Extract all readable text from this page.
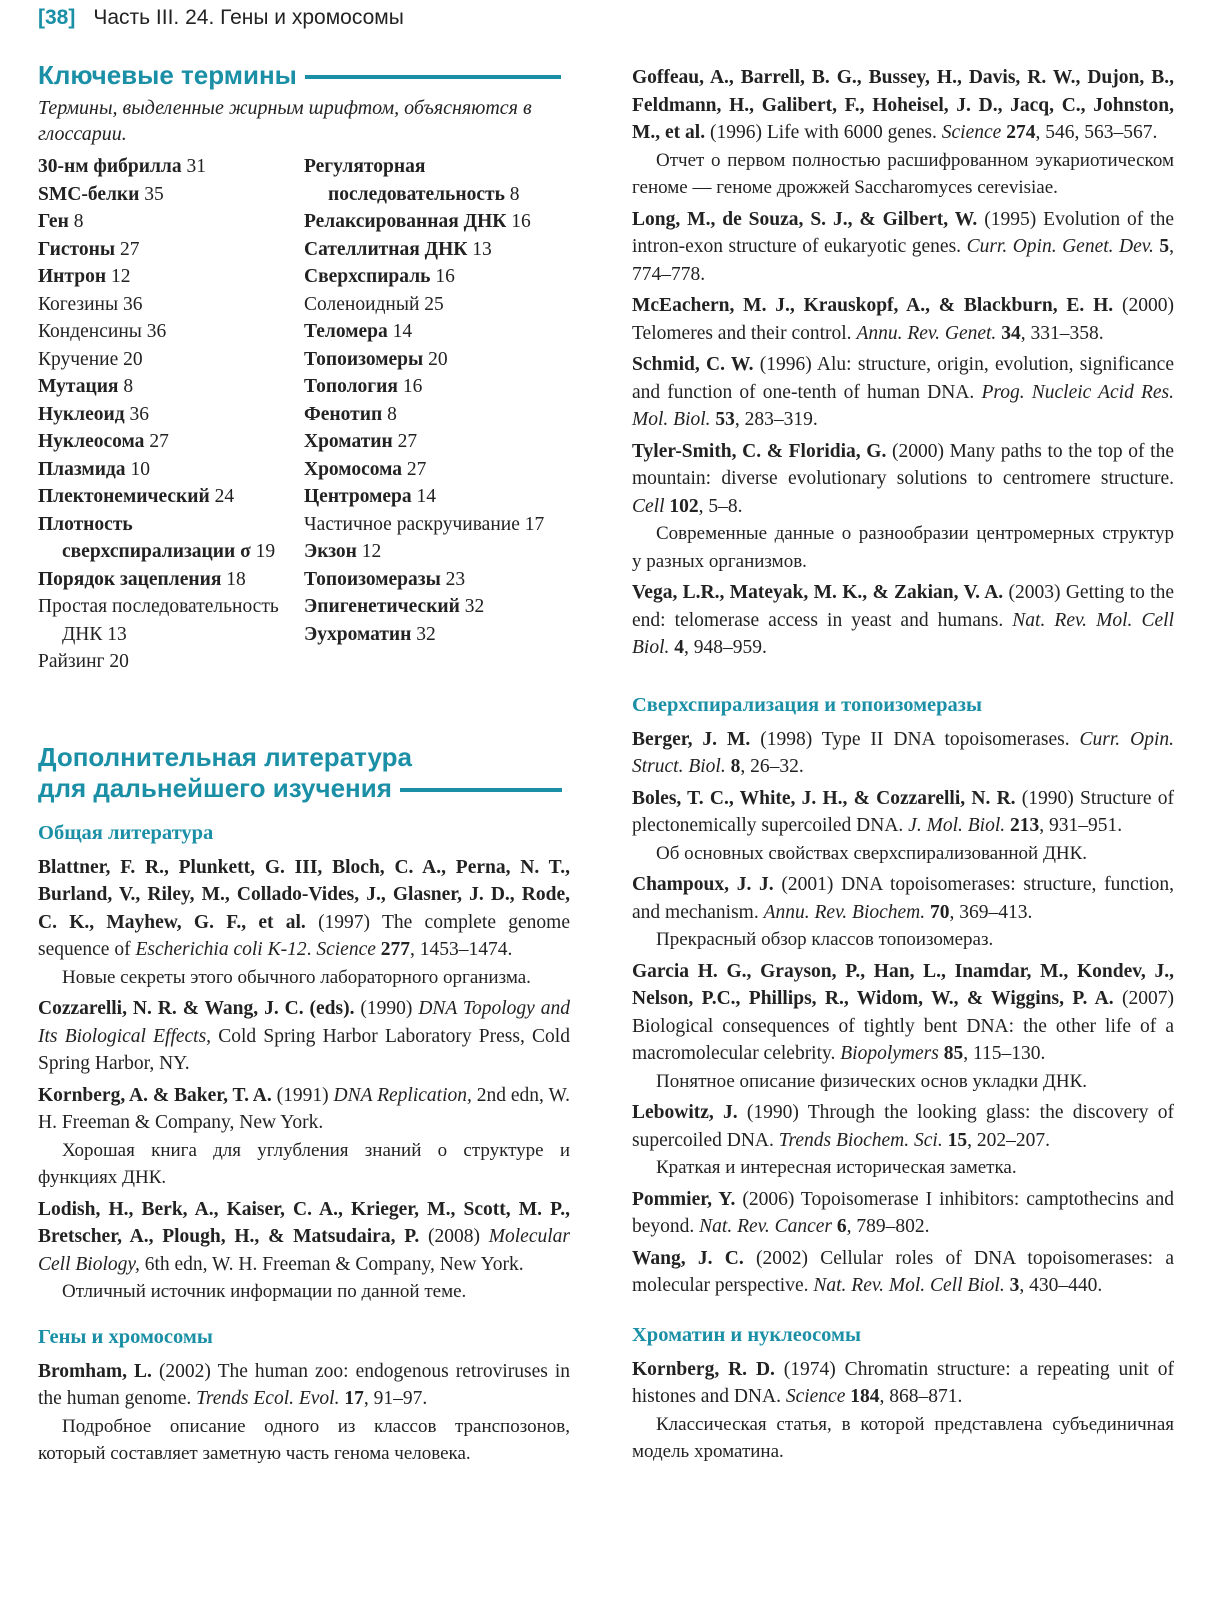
[38] Часть III. 24. Гены и хромосомы
Ключевые термины
Термины, выделенные жирным шрифтом, объясняются в глоссарии.
30-нм фибрилла 31
SMC-белки 35
Ген 8
Гистоны 27
Интрон 12
Когезины 36
Конденсины 36
Кручение 20
Мутация 8
Нуклеоид 36
Нуклеосома 27
Плазмида 10
Плектонемический 24
Плотность сверхспирализации σ 19
Порядок зацепления 18
Простая последовательность ДНК 13
Райзинг 20
Регуляторная последовательность 8
Релаксированная ДНК 16
Сателлитная ДНК 13
Сверхспираль 16
Соленоидный 25
Теломера 14
Топоизомеры 20
Топология 16
Фенотип 8
Хроматин 27
Хромосома 27
Центромера 14
Частичное раскручивание 17
Экзон 12
Топоизомеразы 23
Эпигенетический 32
Эухроматин 32
Дополнительная литература
для дальнейшего изучения
Общая литература
Blattner, F. R., Plunkett, G. III, Bloch, C. A., Perna, N. T., Burland, V., Riley, M., Collado-Vides, J., Glasner, J. D., Rode, C. K., Mayhew, G. F., et al. (1997) The complete genome sequence of Escherichia coli K-12. Science 277, 1453–1474.
Новые секреты этого обычного лабораторного организма.
Cozzarelli, N. R. & Wang, J. C. (eds). (1990) DNA Topology and Its Biological Effects, Cold Spring Harbor Laboratory Press, Cold Spring Harbor, NY.
Kornberg, A. & Baker, T. A. (1991) DNA Replication, 2nd edn, W. H. Freeman & Company, New York.
Хорошая книга для углубления знаний о структуре и функциях ДНК.
Lodish, H., Berk, A., Kaiser, C. A., Krieger, M., Scott, M. P., Bretscher, A., Plough, H., & Matsudaira, P. (2008) Molecular Cell Biology, 6th edn, W. H. Freeman & Company, New York.
Отличный источник информации по данной теме.
Гены и хромосомы
Bromham, L. (2002) The human zoo: endogenous retroviruses in the human genome. Trends Ecol. Evol. 17, 91–97.
Подробное описание одного из классов транспозонов, который составляет заметную часть генома человека.
Goffeau, A., Barrell, B. G., Bussey, H., Davis, R. W., Dujon, B., Feldmann, H., Galibert, F., Hoheisel, J. D., Jacq, C., Johnston, M., et al. (1996) Life with 6000 genes. Science 274, 546, 563–567.
Отчет о первом полностью расшифрованном эукариотическом геноме — геноме дрожжей Saccharomyces cerevisiae.
Long, M., de Souza, S. J., & Gilbert, W. (1995) Evolution of the intron-exon structure of eukaryotic genes. Curr. Opin. Genet. Dev. 5, 774–778.
McEachern, M. J., Krauskopf, A., & Blackburn, E. H. (2000) Telomeres and their control. Annu. Rev. Genet. 34, 331–358.
Schmid, C. W. (1996) Alu: structure, origin, evolution, significance and function of one-tenth of human DNA. Prog. Nucleic Acid Res. Mol. Biol. 53, 283–319.
Tyler-Smith, C. & Floridia, G. (2000) Many paths to the top of the mountain: diverse evolutionary solutions to centromere structure. Cell 102, 5–8.
Современные данные о разнообразии центромерных структур у разных организмов.
Vega, L.R., Mateyak, M. K., & Zakian, V. A. (2003) Getting to the end: telomerase access in yeast and humans. Nat. Rev. Mol. Cell Biol. 4, 948–959.
Сверхспирализация и топоизомеразы
Berger, J. M. (1998) Type II DNA topoisomerases. Curr. Opin. Struct. Biol. 8, 26–32.
Boles, T. C., White, J. H., & Cozzarelli, N. R. (1990) Structure of plectonemically supercoiled DNA. J. Mol. Biol. 213, 931–951.
Об основных свойствах сверхспирализованной ДНК.
Champoux, J. J. (2001) DNA topoisomerases: structure, function, and mechanism. Annu. Rev. Biochem. 70, 369–413.
Прекрасный обзор классов топоизомераз.
Garcia H. G., Grayson, P., Han, L., Inamdar, M., Kondev, J., Nelson, P.C., Phillips, R., Widom, W., & Wiggins, P. A. (2007) Biological consequences of tightly bent DNA: the other life of a macromolecular celebrity. Biopolymers 85, 115–130.
Понятное описание физических основ укладки ДНК.
Lebowitz, J. (1990) Through the looking glass: the discovery of supercoiled DNA. Trends Biochem. Sci. 15, 202–207.
Краткая и интересная историческая заметка.
Pommier, Y. (2006) Topoisomerase I inhibitors: camptothecins and beyond. Nat. Rev. Cancer 6, 789–802.
Wang, J. C. (2002) Cellular roles of DNA topoisomerases: a molecular perspective. Nat. Rev. Mol. Cell Biol. 3, 430–440.
Хроматин и нуклеосомы
Kornberg, R. D. (1974) Chromatin structure: a repeating unit of histones and DNA. Science 184, 868–871.
Классическая статья, в которой представлена субъединичная модель хроматина.
